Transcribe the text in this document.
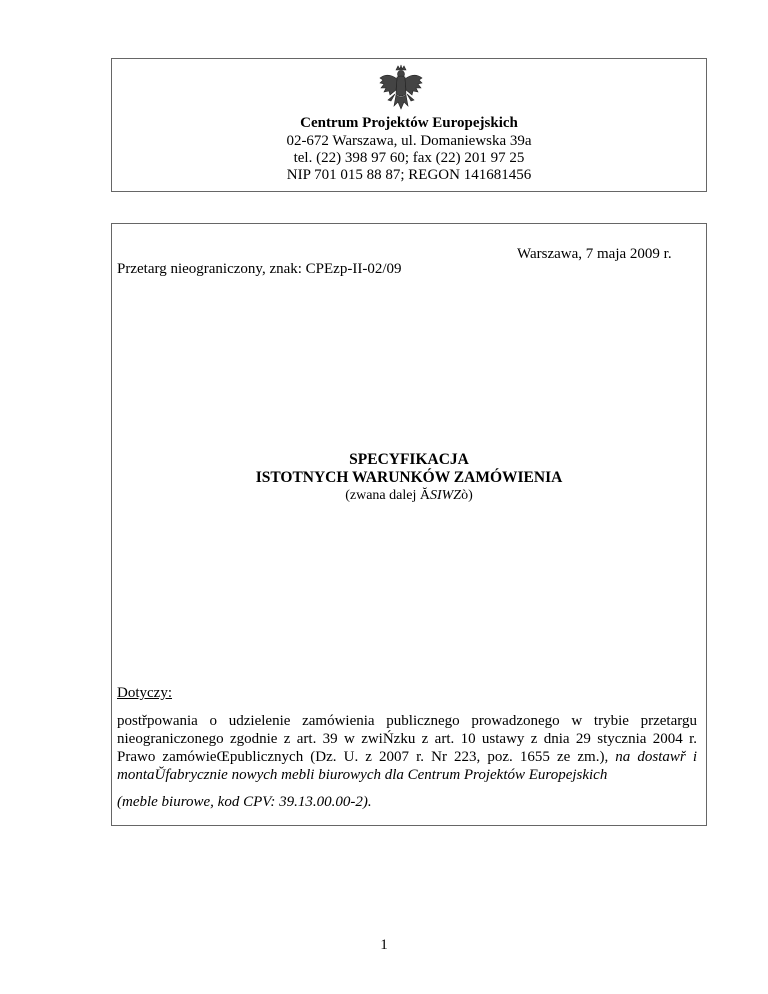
Centrum Projektów Europejskich
02-672 Warszawa, ul. Domaniewska 39a
tel. (22) 398 97 60; fax (22) 201 97 25
NIP 701 015 88 87; REGON 141681456
Warszawa, 7 maja 2009 r.
Przetarg nieograniczony, znak: CPEzp-II-02/09
SPECYFIKACJA
ISTOTNYCH WARUNKÓW ZAMÓWIENIA
(zwana dalej ĂSIWZò)
Dotyczy:
postřpowania o udzielenie zamówienia publicznego prowadzonego w trybie przetargu nieograniczonego zgodnie z art. 39 w zwiŃzku z art. 10 ustawy z dnia 29 stycznia 2004 r. Prawo zamówieŒpublicznych (Dz. U. z 2007 r. Nr 223, poz. 1655 ze zm.), na dostawř i montaŬfabrycznie nowych mebli biurowych dla Centrum Projektów Europejskich
(meble biurowe, kod CPV: 39.13.00.00-2).
1
